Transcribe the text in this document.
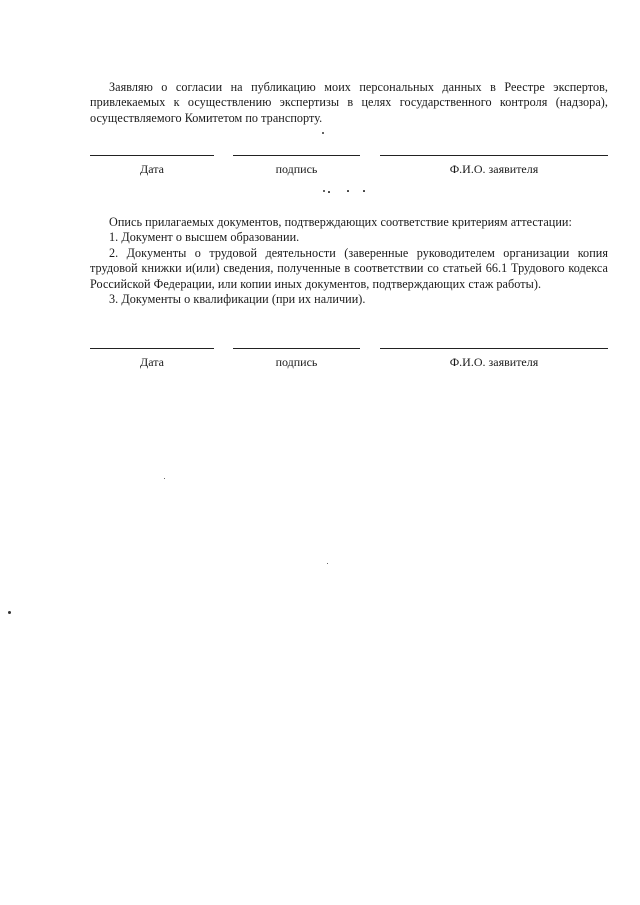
Заявляю о согласии на публикацию моих персональных данных в Реестре экспертов, привлекаемых к осуществлению экспертизы в целях государственного контроля (надзора), осуществляемого Комитетом по транспорту.
Дата	подпись	Ф.И.О. заявителя
Опись прилагаемых документов, подтверждающих соответствие критериям аттестации:
1. Документ о высшем образовании.
2. Документы о трудовой деятельности (заверенные руководителем организации копия трудовой книжки и(или) сведения, полученные в соответствии со статьей 66.1 Трудового кодекса Российской Федерации, или копии иных документов, подтверждающих стаж работы).
3. Документы о квалификации (при их наличии).
Дата	подпись	Ф.И.О. заявителя
